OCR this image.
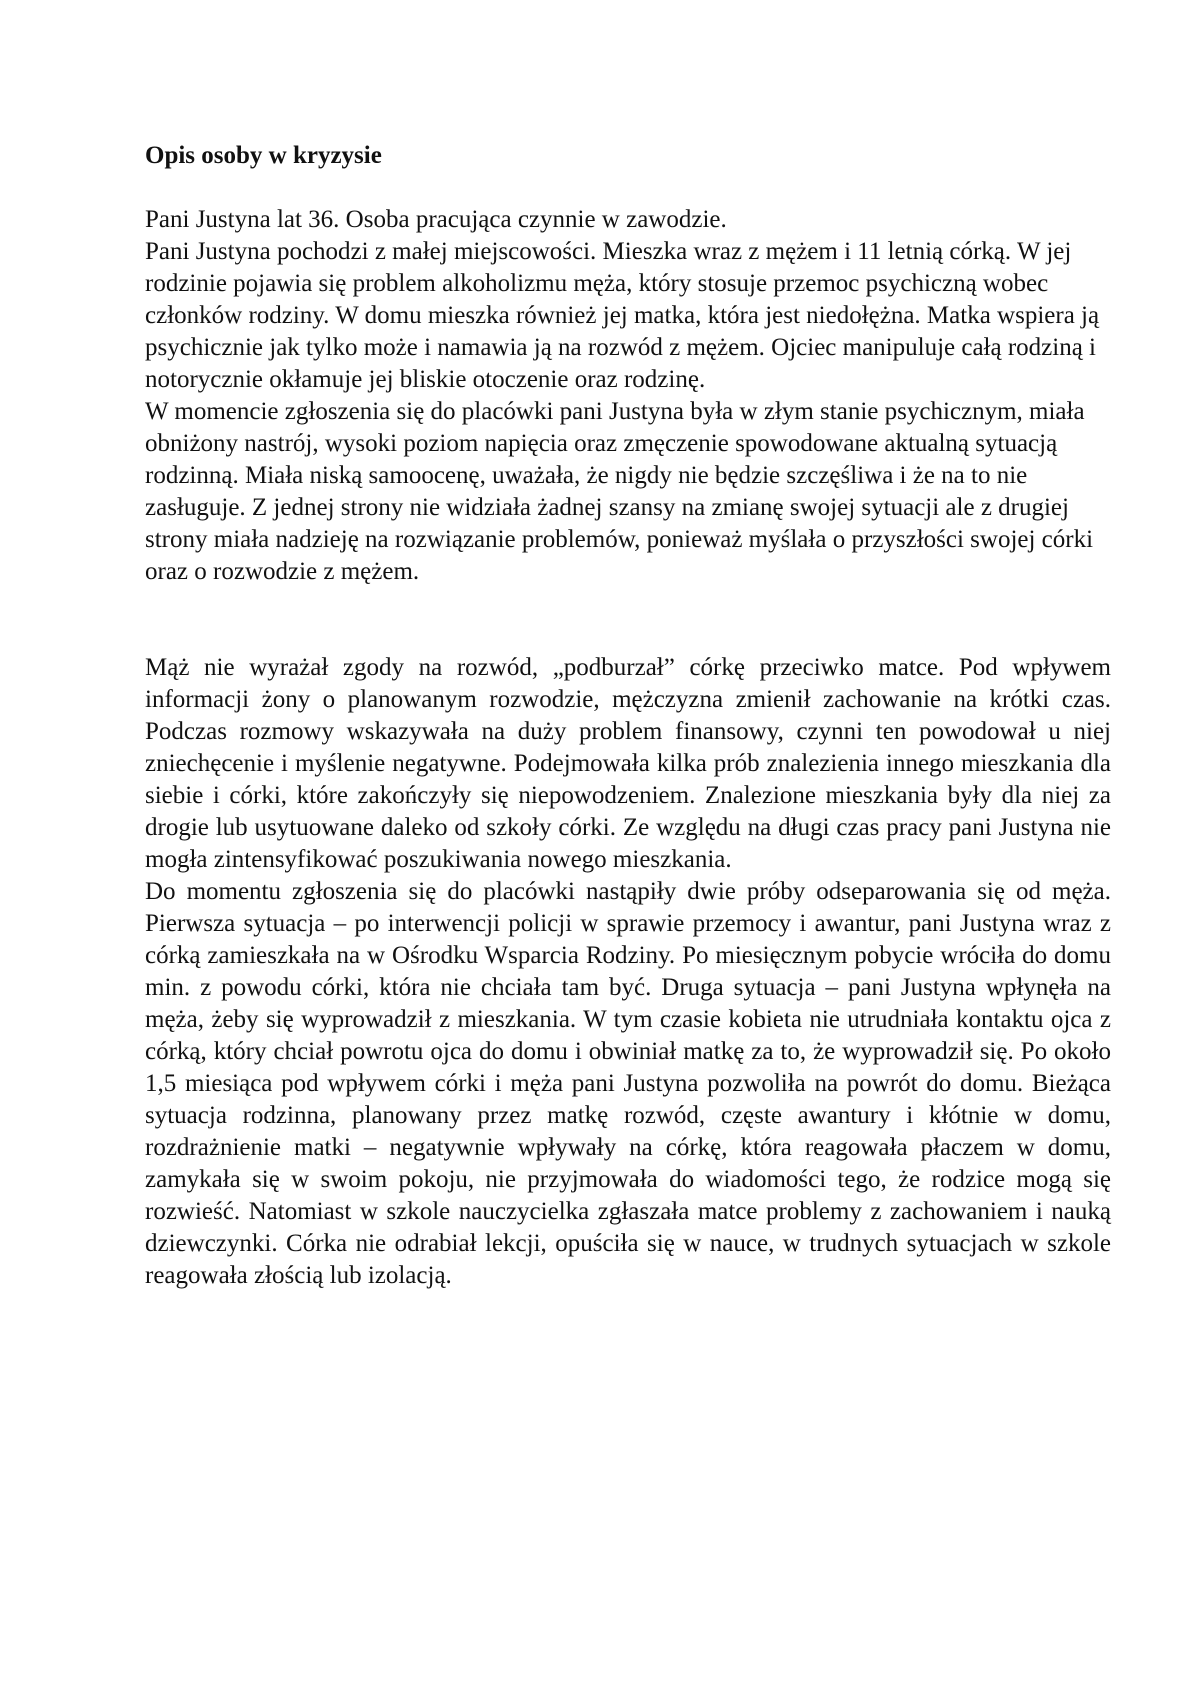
Opis osoby w kryzysie

Pani Justyna lat 36. Osoba pracująca czynnie w zawodzie.

Pani Justyna pochodzi z małej miejscowości. Mieszka wraz z mężem i 11 letnią córką. W jej rodzinie pojawia się problem alkoholizmu męża, który stosuje przemoc psychiczną wobec członków rodziny. W domu mieszka również jej matka, która jest niedołężna. Matka wspiera ją psychicznie jak tylko może i namawia ją na rozwód z mężem. Ojciec manipuluje całą rodziną i notorycznie okłamuje jej bliskie otoczenie oraz rodzinę.

W momencie zgłoszenia się do placówki pani Justyna była w złym stanie psychicznym, miała obniżony nastrój, wysoki poziom napięcia oraz zmęczenie spowodowane aktualną sytuacją rodzinną. Miała niską samoocenę, uważała, że nigdy nie będzie szczęśliwa i że na to nie zasługuje. Z jednej strony nie widziała żadnej szansy na zmianę swojej sytuacji ale z drugiej strony miała nadzieję na rozwiązanie problemów, ponieważ myślała o przyszłości swojej córki oraz o rozwodzie z mężem.

Mąż nie wyrażał zgody na rozwód, „podburzał” córkę przeciwko matce. Pod wpływem informacji żony o planowanym rozwodzie, mężczyzna zmienił zachowanie na krótki czas. Podczas rozmowy wskazywała na duży problem finansowy, czynni ten powodował u niej zniechęcenie i myślenie negatywne. Podejmowała kilka prób znalezienia innego mieszkania dla siebie i córki, które zakończyły się niepowodzeniem. Znalezione mieszkania były dla niej za drogie lub usytuowane daleko od szkoły córki. Ze względu na długi czas pracy pani Justyna nie mogła zintensyfikować poszukiwania nowego mieszkania.

Do momentu zgłoszenia się do placówki nastąpiły dwie próby odseparowania się od męża. Pierwsza sytuacja – po interwencji policji w sprawie przemocy i awantur, pani Justyna wraz z córką zamieszkała na w Ośrodku Wsparcia Rodziny. Po miesięcznym pobycie wróciła do domu min. z powodu córki, która nie chciała tam być. Druga sytuacja – pani Justyna wpłynęła na męża, żeby się wyprowadził z mieszkania. W tym czasie kobieta nie utrudniała kontaktu ojca z córką, który chciał powrotu ojca do domu i obwiniał matkę za to, że wyprowadził się. Po około 1,5 miesiąca pod wpływem córki i męża pani Justyna pozwoliła na powrót do domu. Bieżąca sytuacja rodzinna, planowany przez matkę rozwód, częste awantury i kłótnie w domu, rozdrażnienie matki – negatywnie wpływały na córkę, która reagowała płaczem w domu, zamykała się w swoim pokoju, nie przyjmowała do wiadomości tego, że rodzice mogą się rozwieść. Natomiast w szkole nauczycielka zgłaszała matce problemy z zachowaniem i nauką dziewczynki. Córka nie odrabiał lekcji, opuściła się w nauce, w trudnych sytuacjach w szkole reagowała złością lub izolacją.
